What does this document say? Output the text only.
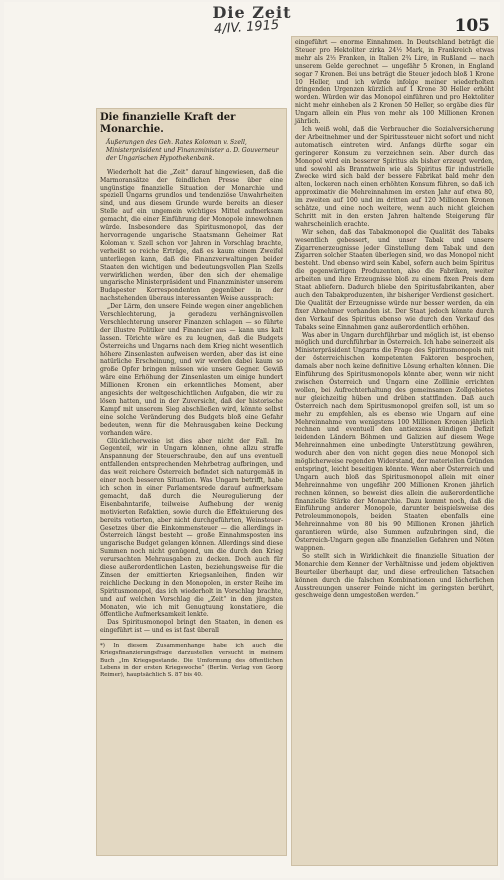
Die Zeit
105
4/IV. 1915
Die finanzielle Kraft der Monarchie.
Äußerungen des Geh. Rates Koloman v. Szell, Ministerpräsident und Finanzminister a. D. Gouverneur der Ungarischen Hypothekenbank.

Wiederholt hat die „Zeit“ darauf hingewiesen, daß die Marmoransätze der feindlichen Presse über eine ungünstige finanzielle Situation der Monarchie und speziell Ungarns grundlos und tendenziöse Unwahrheiten sind, und aus diesem Grunde wurde bereits an dieser Stelle auf ein ungemein wichtiges Mittel aufmerksam gemacht, die einer Einführung der Monopole innewohnen würde. Insbesondere das Spiritusmonopol, das der hervorragende ungarische Staatsmann Geheimer Rat Koloman v. Szell schon vor Jahren in Vorschlag brachte, verheißt so reiche Erträge, daß es kaum einem Zweifel unterliegen kann, daß die Finanzverwaltungen beider Staaten den wichtigen und bedeutungsvollen Plan Szells verwirklichen werden, über den sich der ehemalige ungarische Ministerpräsident und Finanzminister unserem Budapester Korrespondenten gegenüber in der nachstehenden überaus interessanten Weise aussprach:

„Der Lärm, den unsere Feinde wegen einer angeblichen Verschlechterung, ja geradezu verhängnisvollen Verschlechterung unserer Finanzen schlagen — so führte der illustre Politiker und Financier aus — kann uns kalt lassen. Törichte wäre es zu leugnen, daß die Budgets Österreichs und Ungarns nach dem Krieg nicht wesentlich höhere Zinsenlasten aufweisen werden, aber das ist eine natürliche Erscheinung, und wir werden dabei kaum so große Opfer bringen müssen wie unsere Gegner. Gewiß wäre eine Erhöhung der Zinsenlasten um einige hundert Millionen Kronen ein erkenntliches Moment, aber angesichts der weltgeschichtlichen Aufgaben, die wir zu lösen hatten, und in der Zuversicht, daß der historische Kampf mit unserem Sieg abschließen wird, könnte selbst eine solche Veränderung des Budgets bloß eine Gefahr bedeuten, wenn für die Mehrausgaben keine Deckung vorhanden wäre.

Glücklicherweise ist dies aber nicht der Fall. Im Gegenteil, wir in Ungarn können, ohne allzu straffe Anspannung der Steuerschraube, den auf uns eventuell entfallenden entsprechenden Mehrbetrag aufbringen, und das weit reichere Österreich befindet sich naturgemäß in einer noch besseren Situation. Was Ungarn betrifft, habe ich schon in einer Parlamentsrede darauf aufmerksam gemacht, daß durch die Neuregulierung der Eisenbahntarife, teilweise Aufhebung der wenig motivierten Refaktien, sowie durch die Effektuierung des bereits votierten, aber nicht durchgeführten, Weinsteuer-Gesetzes über die Einkommensteuer — die allerdings in Österreich längst besteht — große Einnahmsposten ins ungarische Budget gelangen können. Allerdings sind diese Summen noch nicht genügend, um die durch den Krieg verursachten Mehrausgaben zu decken. Doch auch für diese außerordentlichen Lasten, beziehungsweise für die Zinsen der emittierten Kriegsanleihen, finden wir reichliche Deckung in den Monopolen, in erster Reihe im Spiritusmonopol, das ich wiederholt in Vorschlag brachte, und auf welchen Vorschlag die „Zeit“ in den jüngsten Monaten, wie ich mit Genugtuung konstatiere, die öffentliche Aufmerksamkeit lenkte.

Das Spiritusmonopol bringt den Staaten, in denen es eingeführt ist — und es ist fast überall

*) In diesem Zusammenhange habe ich auch die Kriegsfinanzierungsfrage darzustellen versucht in meinem Buch „Im Kriegsgestande. Die Umformung des öffentlichen Lebens in der ersten Kriegswoche“ (Berlin. Verlag von Georg Reimer), hauptsächlich S. 87 bis 40.

eingeführt — enorme Einnahmen. In Deutschland beträgt die Steuer pro Hektoliter zirka 24½ Mark, in Frankreich etwas mehr als 2⅓ Franken, in Italien 2¾ Lire, in Rußland — nach unserem Gelde gerechnet — ungefähr 5 Kronen, in England sogar 7 Kronen. Bei uns beträgt die Steuer jedoch bloß 1 Krone 10 Heller, und ich würde infolge meiner wiederholten dringenden Urgenzen kürzlich auf 1 Krone 30 Heller erhöht worden. Würden wir das Monopol einführen und pro Hektoliter nicht mehr einheben als 2 Kronen 50 Heller, so ergäbe dies für Ungarn allein ein Plus von mehr als 100 Millionen Kronen jährlich.

Ich weiß wohl, daß die Verbraucher die Sozialversicherung der Arbeitnehmer und der Spiritussteuer nicht sofort und nicht automatisch eintreten wird. Anfangs dürfte sogar ein geringerer Konsum zu verzeichnen sein. Aber durch das Monopol wird ein besserer Spiritus als bisher erzeugt werden, und sowohl als Branntwein wie als Spiritus für industrielle Zwecke wird sich bald der bessere Fabrikat bald mehr den alten, lockeren nach einen erhöhten Konsum führen, so daß ich approximativ die Mehreinnahmen im ersten Jahr auf etwa 80, im zweiten auf 100 und im dritten auf 120 Millionen Kronen schätze, und eine noch weitere, wenn auch nicht gleichen Schritt mit in den ersten Jahren haltende Steigerung für wahrscheinlich erachte.

Wir sehen, daß das Tabakmonopol die Qualität des Tabaks wesentlich gebessert, und unser Tabak und unsere Zigarrenerzeugnisse jeder Ginstellung dem Tabak und den Zigarren solcher Staaten überlegen sind, wo das Monopol nicht besteht. Und ebenso wird sein Kabel, sofern auch beim Spiritus die gegenwärtigen Produzenten, also die Fabriken, weiter arbeiten und ihre Erzeugnisse bloß zu einem fixen Preis dem Staat abliefern. Dadurch bliebe den Spiritusfabrikanten, aber auch den Tabakproduzenten, ihr bisheriger Verdienst gesichert. Die Qualität der Erzeugnisse würde nur besser werden, da ein fixer Abnehmer vorhanden ist. Der Staat jedoch könnte durch den Verkauf des Spiritus ebenso wie durch den Verkauf des Tabaks seine Einnahmen ganz außerordentlich erhöhen.

Was aber in Ungarn durchführbar und möglich ist, ist ebenso möglich und durchführbar in Österreich. Ich habe seinerzeit als Ministerpräsident Ungarns die Frage des Spiritusmonopols mit der österreichischen kompetenten Faktoren besprochen, damals aber noch keine definitive Lösung erhalten können. Die Einführung des Spiritusmonopols könnte aber, wenn wir nicht zwischen Österreich und Ungarn eine Zolllinie errichten wollen, bei Aufrechterhaltung des gemeinsamen Zollgebietes nur gleichzeitig hüben und drüben stattfinden. Daß auch Österreich nach dem Spiritusmonopol greifen soll, ist um so mehr zu empfehlen, als es ebenso wie Ungarn auf eine Mehreinnahme von wenigstens 100 Millionen Kronen jährlich rechnen und eventuell den antiexzess kündigen Defizit leidenden Ländern Böhmen und Galizien auf diesem Wege Mehreinnahmen eine unbedingte Unterstützung gewähren, wodurch aber den von nicht gegen dies neue Monopol sich möglicherweise regenden Widerstand, der materiellen Gründen entspringt, leicht beseitigen könnte. Wenn aber Österreich und Ungarn auch bloß das Spiritusmonopol allein mit einer Mehreinnahme von ungefähr 200 Millionen Kronen jährlich rechnen können, so beweist dies allein die außerordentliche finanzielle Stärke der Monarchie. Dazu kommt noch, daß die Einführung anderer Monopole, darunter beispielsweise des Petroleummonopols, beiden Staaten ebenfalls eine Mehreinnahme von 80 bis 90 Millionen Kronen jährlich garantieren würde, also Summen aufzubringen sind, die Österreich-Ungarn gegen alle finanziellen Gefahren und Nöten wappnen.

So stellt sich in Wirklichkeit die finanzielle Situation der Monarchie dem Kenner der Verhältnisse und jedem objektiven Beurteiler überhaupt dar, und diese erfreulichen Tatsachen können durch die falschen Kombinationen und lächerlichen Ausstreuungen unserer Feinde nicht im geringsten berührt, geschweige denn umgestoßen werden.“
